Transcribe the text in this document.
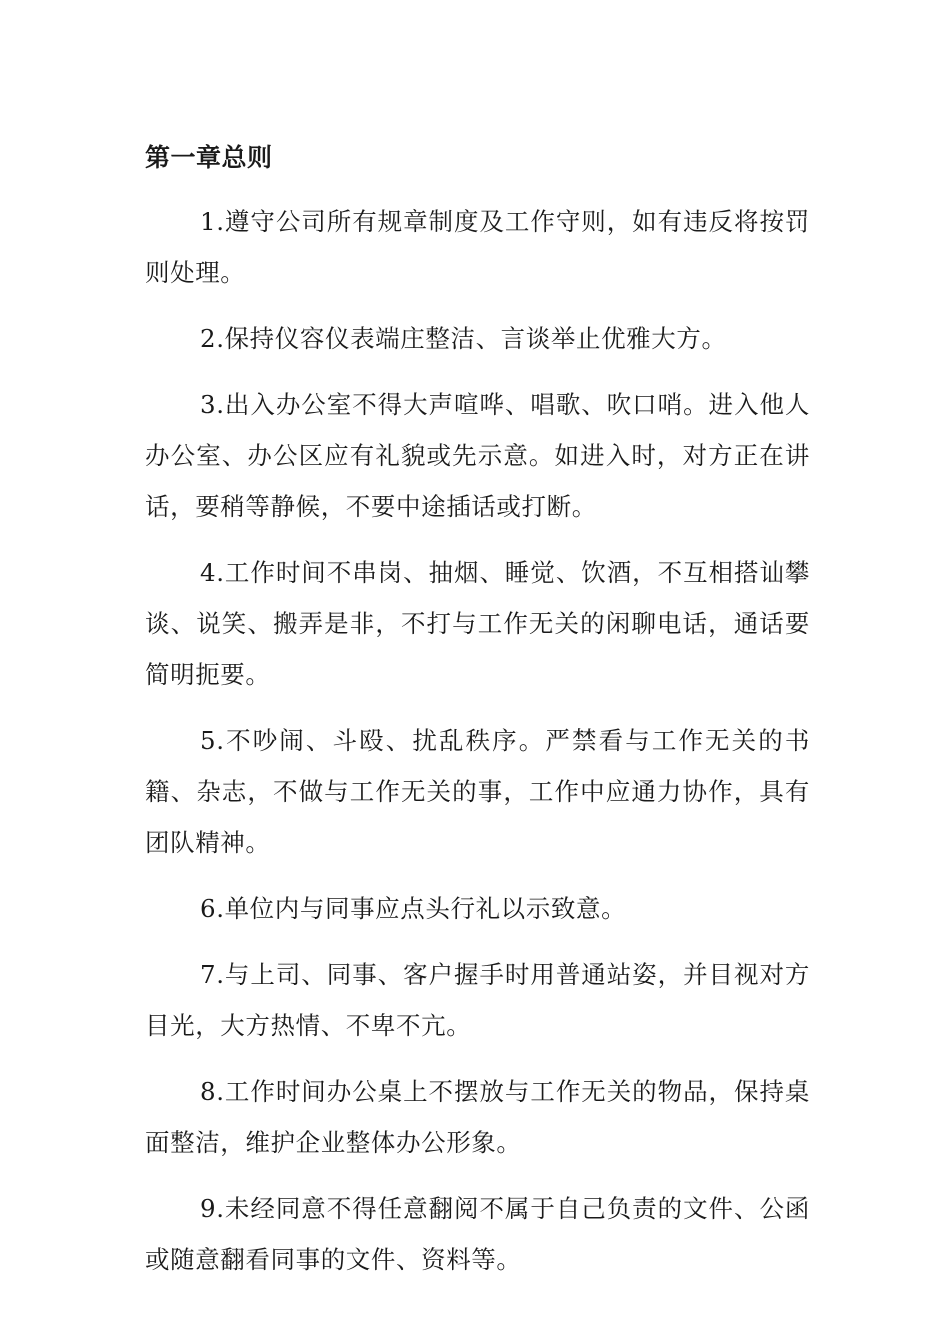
第一章总则

1.遵守公司所有规章制度及工作守则，如有违反将按罚则处理。

2.保持仪容仪表端庄整洁、言谈举止优雅大方。

3.出入办公室不得大声喧哗、唱歌、吹口哨。进入他人办公室、办公区应有礼貌或先示意。如进入时，对方正在讲话，要稍等静候，不要中途插话或打断。

4.工作时间不串岗、抽烟、睡觉、饮酒，不互相搭讪攀谈、说笑、搬弄是非，不打与工作无关的闲聊电话，通话要简明扼要。

5.不吵闹、斗殴、扰乱秩序。严禁看与工作无关的书籍、杂志，不做与工作无关的事，工作中应通力协作，具有团队精神。

6.单位内与同事应点头行礼以示致意。

7.与上司、同事、客户握手时用普通站姿，并目视对方目光，大方热情、不卑不亢。

8.工作时间办公桌上不摆放与工作无关的物品，保持桌面整洁，维护企业整体办公形象。

9.未经同意不得任意翻阅不属于自己负责的文件、公函或随意翻看同事的文件、资料等。
